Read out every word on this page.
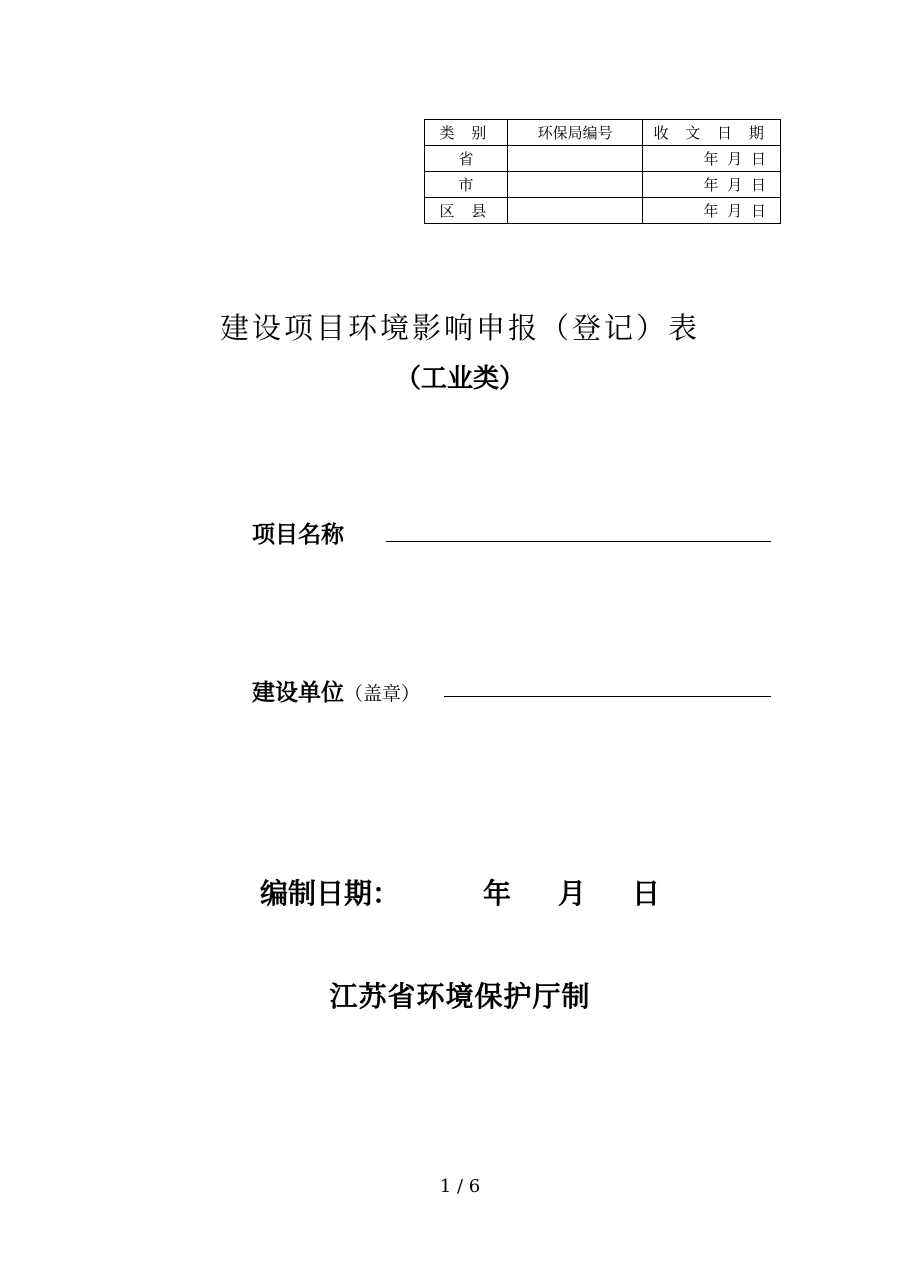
类 别	环保局编号	收 文 日 期
省		年 月 日
市		年 月 日
区 县		年 月 日
建设项目环境影响申报（登记）表
（工业类）
项目名称
建设单位（盖章）
编制日期：	年 月 日
江苏省环境保护厅制
1 / 6
